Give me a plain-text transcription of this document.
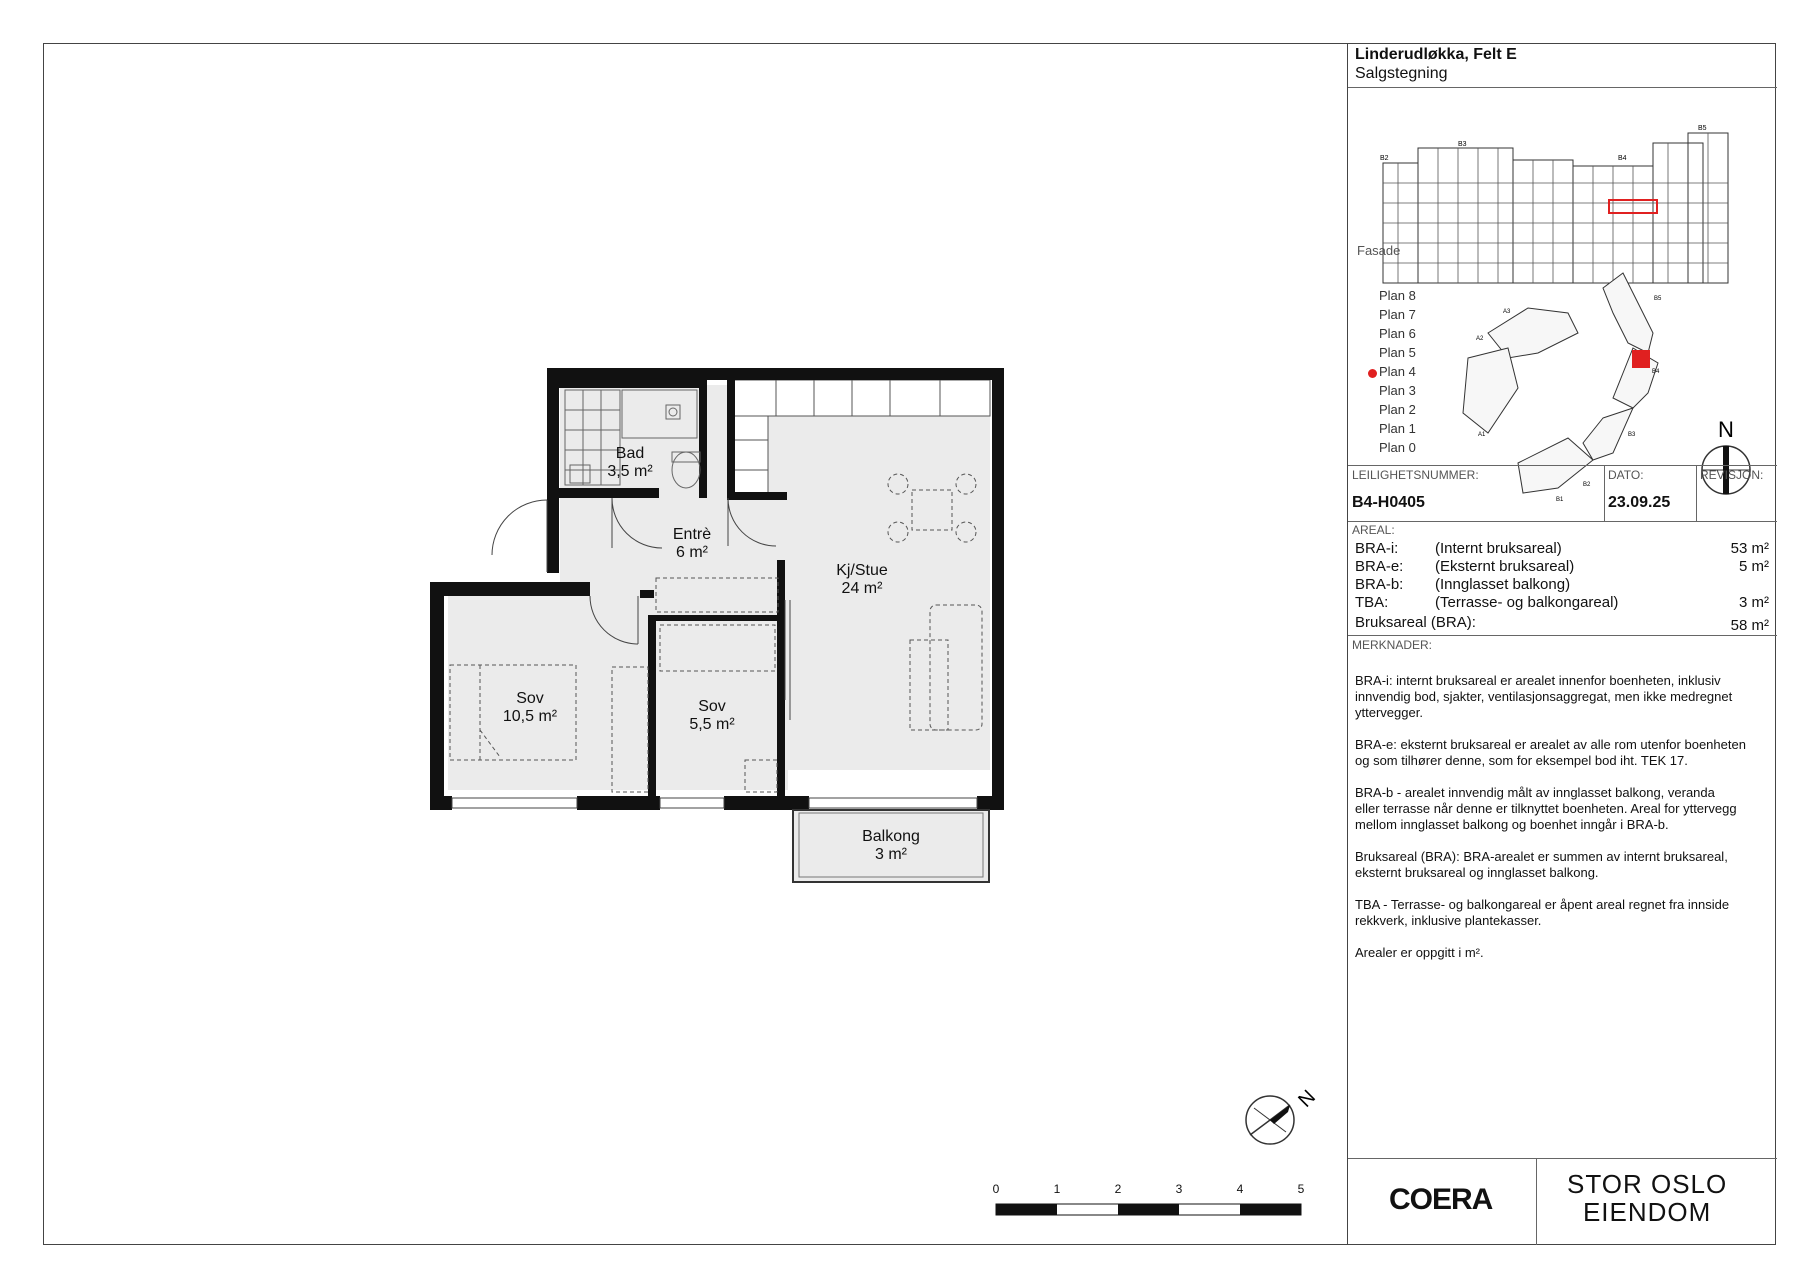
Bad
3,5 m²
Entrè
6 m²
Kj/Stue
24 m²
Sov
10,5 m²
Sov
5,5 m²
Balkong
3 m²
N
0	1	2	3	4	5
Linderudløkka, Felt E
Salgstegning
B2
B3
B4
B5
A3
A2
A1
B1
B2
B3
B4
B5
N
Fasade
Plan 8
Plan 7
Plan 6
Plan 5
Plan 4
Plan 3
Plan 2
Plan 1
Plan 0
LEILIGHETSNUMMER:
B4-H0405
DATO:
23.09.25
REVISJON:
AREAL:
BRA-i: (Internt bruksareal)	53 m²
BRA-e: (Eksternt bruksareal)	5 m²
BRA-b: (Innglasset balkong)
TBA:	(Terrasse- og balkongareal)	3 m²
Bruksareal (BRA):	58 m²
MERKNADER:

BRA-i: internt bruksareal er arealet innenfor boenheten, inklusiv
innvendig bod, sjakter, ventilasjonsaggregat, men ikke medregnet
yttervegger.

BRA-e: eksternt bruksareal er arealet av alle rom utenfor boenheten
og som tilhører denne, som for eksempel bod iht. TEK 17.

BRA-b - arealet innvendig målt av innglasset balkong, veranda
eller terrasse når denne er tilknyttet boenheten. Areal for yttervegg
mellom innglasset balkong og boenhet inngår i BRA-b.

Bruksareal (BRA): BRA-arealet er summen av internt bruksareal,
eksternt bruksareal og innglasset balkong.

TBA - Terrasse- og balkongareal er åpent areal regnet fra innside
rekkverk, inklusive plantekasser.

Arealer er oppgitt i m².

COERA	STOR OSLO
EIENDOM
